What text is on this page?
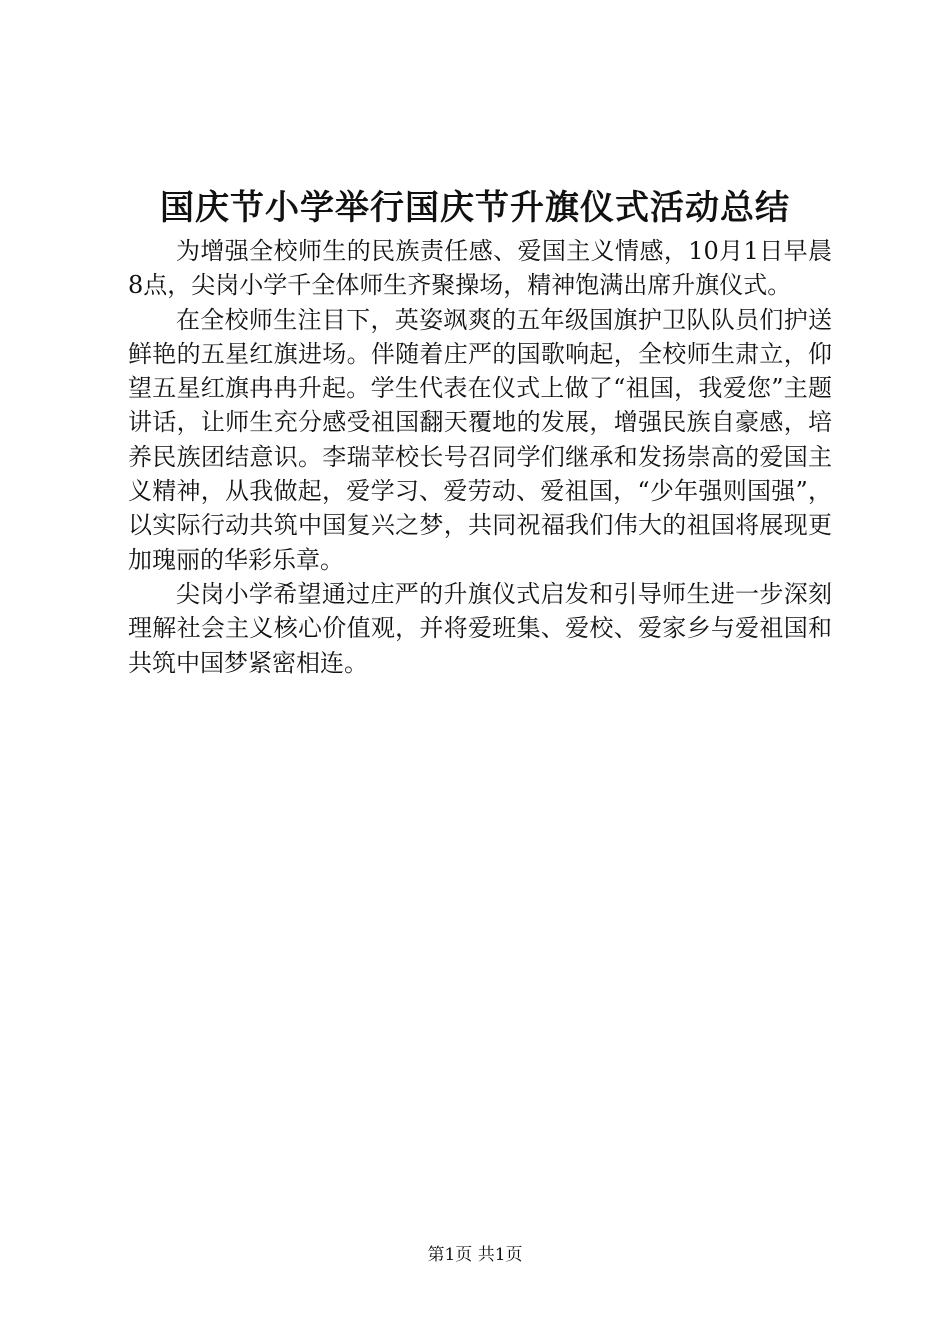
国庆节小学举行国庆节升旗仪式活动总结

为增强全校师生的民族责任感、爱国主义情感，10月1日早晨8点，尖岗小学千全体师生齐聚操场，精神饱满出席升旗仪式。

在全校师生注目下，英姿飒爽的五年级国旗护卫队队员们护送鲜艳的五星红旗进场。伴随着庄严的国歌响起，全校师生肃立，仰望五星红旗冉冉升起。学生代表在仪式上做了“祖国，我爱您”主题讲话，让师生充分感受祖国翻天覆地的发展，增强民族自豪感，培养民族团结意识。李瑞苹校长号召同学们继承和发扬崇高的爱国主义精神，从我做起，爱学习、爱劳动、爱祖国，“少年强则国强”，以实际行动共筑中国复兴之梦，共同祝福我们伟大的祖国将展现更加瑰丽的华彩乐章。

尖岗小学希望通过庄严的升旗仪式启发和引导师生进一步深刻理解社会主义核心价值观，并将爱班集、爱校、爱家乡与爱祖国和共筑中国梦紧密相连。

第1页 共1页
